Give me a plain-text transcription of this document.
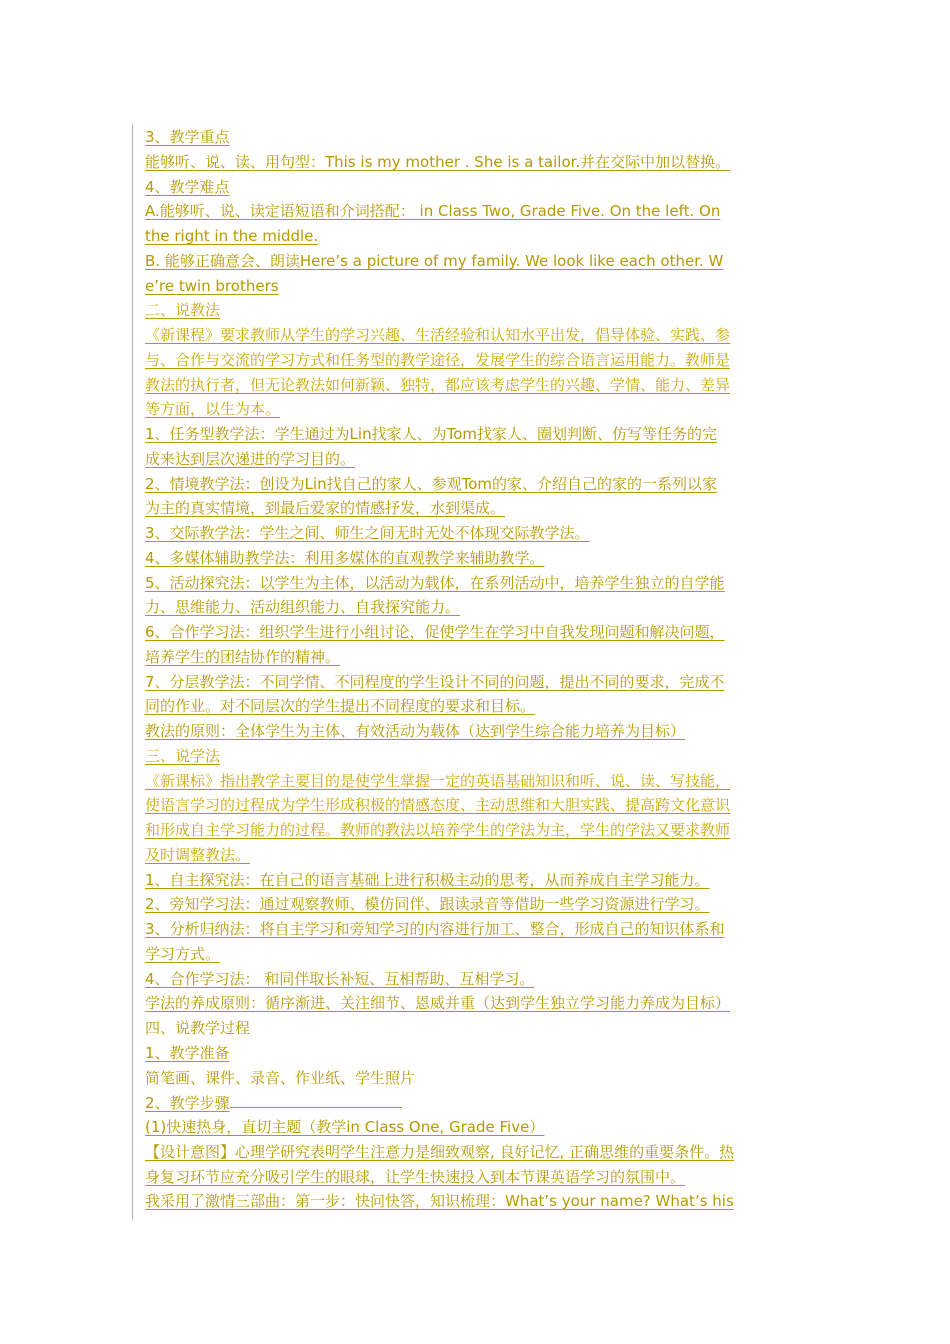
3、教学重点
能够听、说、读、用句型：This is my mother . She is a tailor.并在交际中加以替换。
4、教学难点
A.能够听、说、读定语短语和介词搭配： in Class Two, Grade Five. On the left. On
the right in the middle.
B. 能够正确意会、朗读Here’s a picture of my family. We look like each other. W
e’re twin brothers
二、说教法
《新课程》要求教师从学生的学习兴趣、生活经验和认知水平出发，倡导体验、实践、参
与、合作与交流的学习方式和任务型的教学途径，发展学生的综合语言运用能力。教师是
教法的执行者，但无论教法如何新颖、独特，都应该考虑学生的兴趣、学情、能力、差异
等方面，以生为本。
1、任务型教学法：学生通过为Lin找家人、为Tom找家人、圈划判断、仿写等任务的完
成来达到层次递进的学习目的。
2、情境教学法：创设为Lin找自己的家人、参观Tom的家、介绍自己的家的一系列以家
为主的真实情境，到最后爱家的情感抒发，水到渠成。
3、交际教学法：学生之间、师生之间无时无处不体现交际教学法。
4、多媒体辅助教学法：利用多媒体的直观教学来辅助教学。
5、活动探究法：以学生为主体，以活动为载体，在系列活动中，培养学生独立的自学能
力、思维能力、活动组织能力、自我探究能力。
6、合作学习法：组织学生进行小组讨论，促使学生在学习中自我发现问题和解决问题，
培养学生的团结协作的精神。
7、分层教学法：不同学情、不同程度的学生设计不同的问题，提出不同的要求，完成不
同的作业。对不同层次的学生提出不同程度的要求和目标。
教法的原则：全体学生为主体、有效活动为载体（达到学生综合能力培养为目标）
三、说学法
《新课标》指出教学主要目的是使学生掌握一定的英语基础知识和听、说、读、写技能，
使语言学习的过程成为学生形成积极的情感态度、主动思维和大胆实践、提高跨文化意识
和形成自主学习能力的过程。教师的教法以培养学生的学法为主，学生的学法又要求教师
及时调整教法。
1、自主探究法：在自己的语言基础上进行积极主动的思考，从而养成自主学习能力。
2、旁知学习法：通过观察教师、模仿同伴、跟读录音等借助一些学习资源进行学习。
3、分析归纳法：将自主学习和旁知学习的内容进行加工、整合，形成自己的知识体系和
学习方式。
4、合作学习法： 和同伴取长补短、互相帮助、互相学习。
学法的养成原则：循序渐进、关注细节、恩威并重（达到学生独立学习能力养成为目标）
四、说教学过程
1、教学准备
简笔画、课件、录音、作业纸、学生照片
2、教学步骤
(1)快速热身，直切主题（教学in Class One, Grade Five）
【设计意图】心理学研究表明学生注意力是细致观察, 良好记忆, 正确思维的重要条件。热
身复习环节应充分吸引学生的眼球，让学生快速投入到本节课英语学习的氛围中。
我采用了激情三部曲：第一步：快问快答，知识梳理：What’s your name? What’s his
